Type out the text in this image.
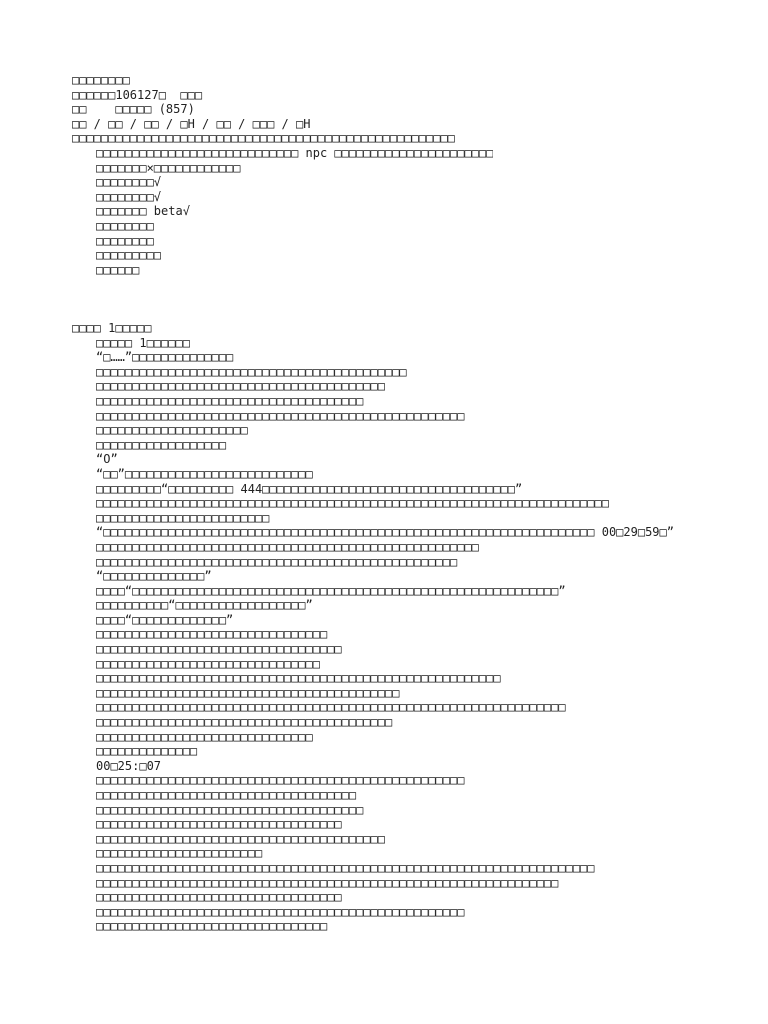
□□□□□□□□
□□□□□□106127□  □□□
□□    □□□□□ (857)
□□ / □□ / □□ / □H / □□ / □□□ / □H
□□□□□□□□□□□□□□□□□□□□□□□□□□□□□□□□□□□□□□□□□□□□□□□□□□□□□
□□□□□□□□□□□□□□□□□□□□□□□□□□□□ npc □□□□□□□□□□□□□□□□□□□□□□
□□□□□□□×□□□□□□□□□□□□
□□□□□□□□√
□□□□□□□□√
□□□□□□□ beta√
□□□□□□□□
□□□□□□□□
□□□□□□□□□
□□□□□□
□□□□ 1□□□□□
□□□□□ 1□□□□□□
“□……”□□□□□□□□□□□□□□
□□□□□□□□□□□□□□□□□□□□□□□□□□□□□□□□□□□□□□□□□□□
□□□□□□□□□□□□□□□□□□□□□□□□□□□□□□□□□□□□□□□□
□□□□□□□□□□□□□□□□□□□□□□□□□□□□□□□□□□□□□
□□□□□□□□□□□□□□□□□□□□□□□□□□□□□□□□□□□□□□□□□□□□□□□□□□□
□□□□□□□□□□□□□□□□□□□□□
□□□□□□□□□□□□□□□□□□
“O”
“□□”□□□□□□□□□□□□□□□□□□□□□□□□□□
□□□□□□□□□“□□□□□□□□□ 444□□□□□□□□□□□□□□□□□□□□□□□□□□□□□□□□□□□”
□□□□□□□□□□□□□□□□□□□□□□□□□□□□□□□□□□□□□□□□□□□□□□□□□□□□□□□□□□□□□□□□□□□□□□□
□□□□□□□□□□□□□□□□□□□□□□□□
“□□□□□□□□□□□□□□□□□□□□□□□□□□□□□□□□□□□□□□□□□□□□□□□□□□□□□□□□□□□□□□□□□□□□ 00□29□59□”
□□□□□□□□□□□□□□□□□□□□□□□□□□□□□□□□□□□□□□□□□□□□□□□□□□□□□
□□□□□□□□□□□□□□□□□□□□□□□□□□□□□□□□□□□□□□□□□□□□□□□□□□
“□□□□□□□□□□□□□□”
□□□□“□□□□□□□□□□□□□□□□□□□□□□□□□□□□□□□□□□□□□□□□□□□□□□□□□□□□□□□□□□□”
□□□□□□□□□□“□□□□□□□□□□□□□□□□□□”
□□□□“□□□□□□□□□□□□□”
□□□□□□□□□□□□□□□□□□□□□□□□□□□□□□□□
□□□□□□□□□□□□□□□□□□□□□□□□□□□□□□□□□□
□□□□□□□□□□□□□□□□□□□□□□□□□□□□□□□
□□□□□□□□□□□□□□□□□□□□□□□□□□□□□□□□□□□□□□□□□□□□□□□□□□□□□□□□
□□□□□□□□□□□□□□□□□□□□□□□□□□□□□□□□□□□□□□□□□□
□□□□□□□□□□□□□□□□□□□□□□□□□□□□□□□□□□□□□□□□□□□□□□□□□□□□□□□□□□□□□□□□□
□□□□□□□□□□□□□□□□□□□□□□□□□□□□□□□□□□□□□□□□□
□□□□□□□□□□□□□□□□□□□□□□□□□□□□□□
□□□□□□□□□□□□□□
00□25:□07
□□□□□□□□□□□□□□□□□□□□□□□□□□□□□□□□□□□□□□□□□□□□□□□□□□□
□□□□□□□□□□□□□□□□□□□□□□□□□□□□□□□□□□□□
□□□□□□□□□□□□□□□□□□□□□□□□□□□□□□□□□□□□□
□□□□□□□□□□□□□□□□□□□□□□□□□□□□□□□□□□
□□□□□□□□□□□□□□□□□□□□□□□□□□□□□□□□□□□□□□□□
□□□□□□□□□□□□□□□□□□□□□□□
□□□□□□□□□□□□□□□□□□□□□□□□□□□□□□□□□□□□□□□□□□□□□□□□□□□□□□□□□□□□□□□□□□□□□
□□□□□□□□□□□□□□□□□□□□□□□□□□□□□□□□□□□□□□□□□□□□□□□□□□□□□□□□□□□□□□□□
□□□□□□□□□□□□□□□□□□□□□□□□□□□□□□□□□□
□□□□□□□□□□□□□□□□□□□□□□□□□□□□□□□□□□□□□□□□□□□□□□□□□□□
□□□□□□□□□□□□□□□□□□□□□□□□□□□□□□□□
